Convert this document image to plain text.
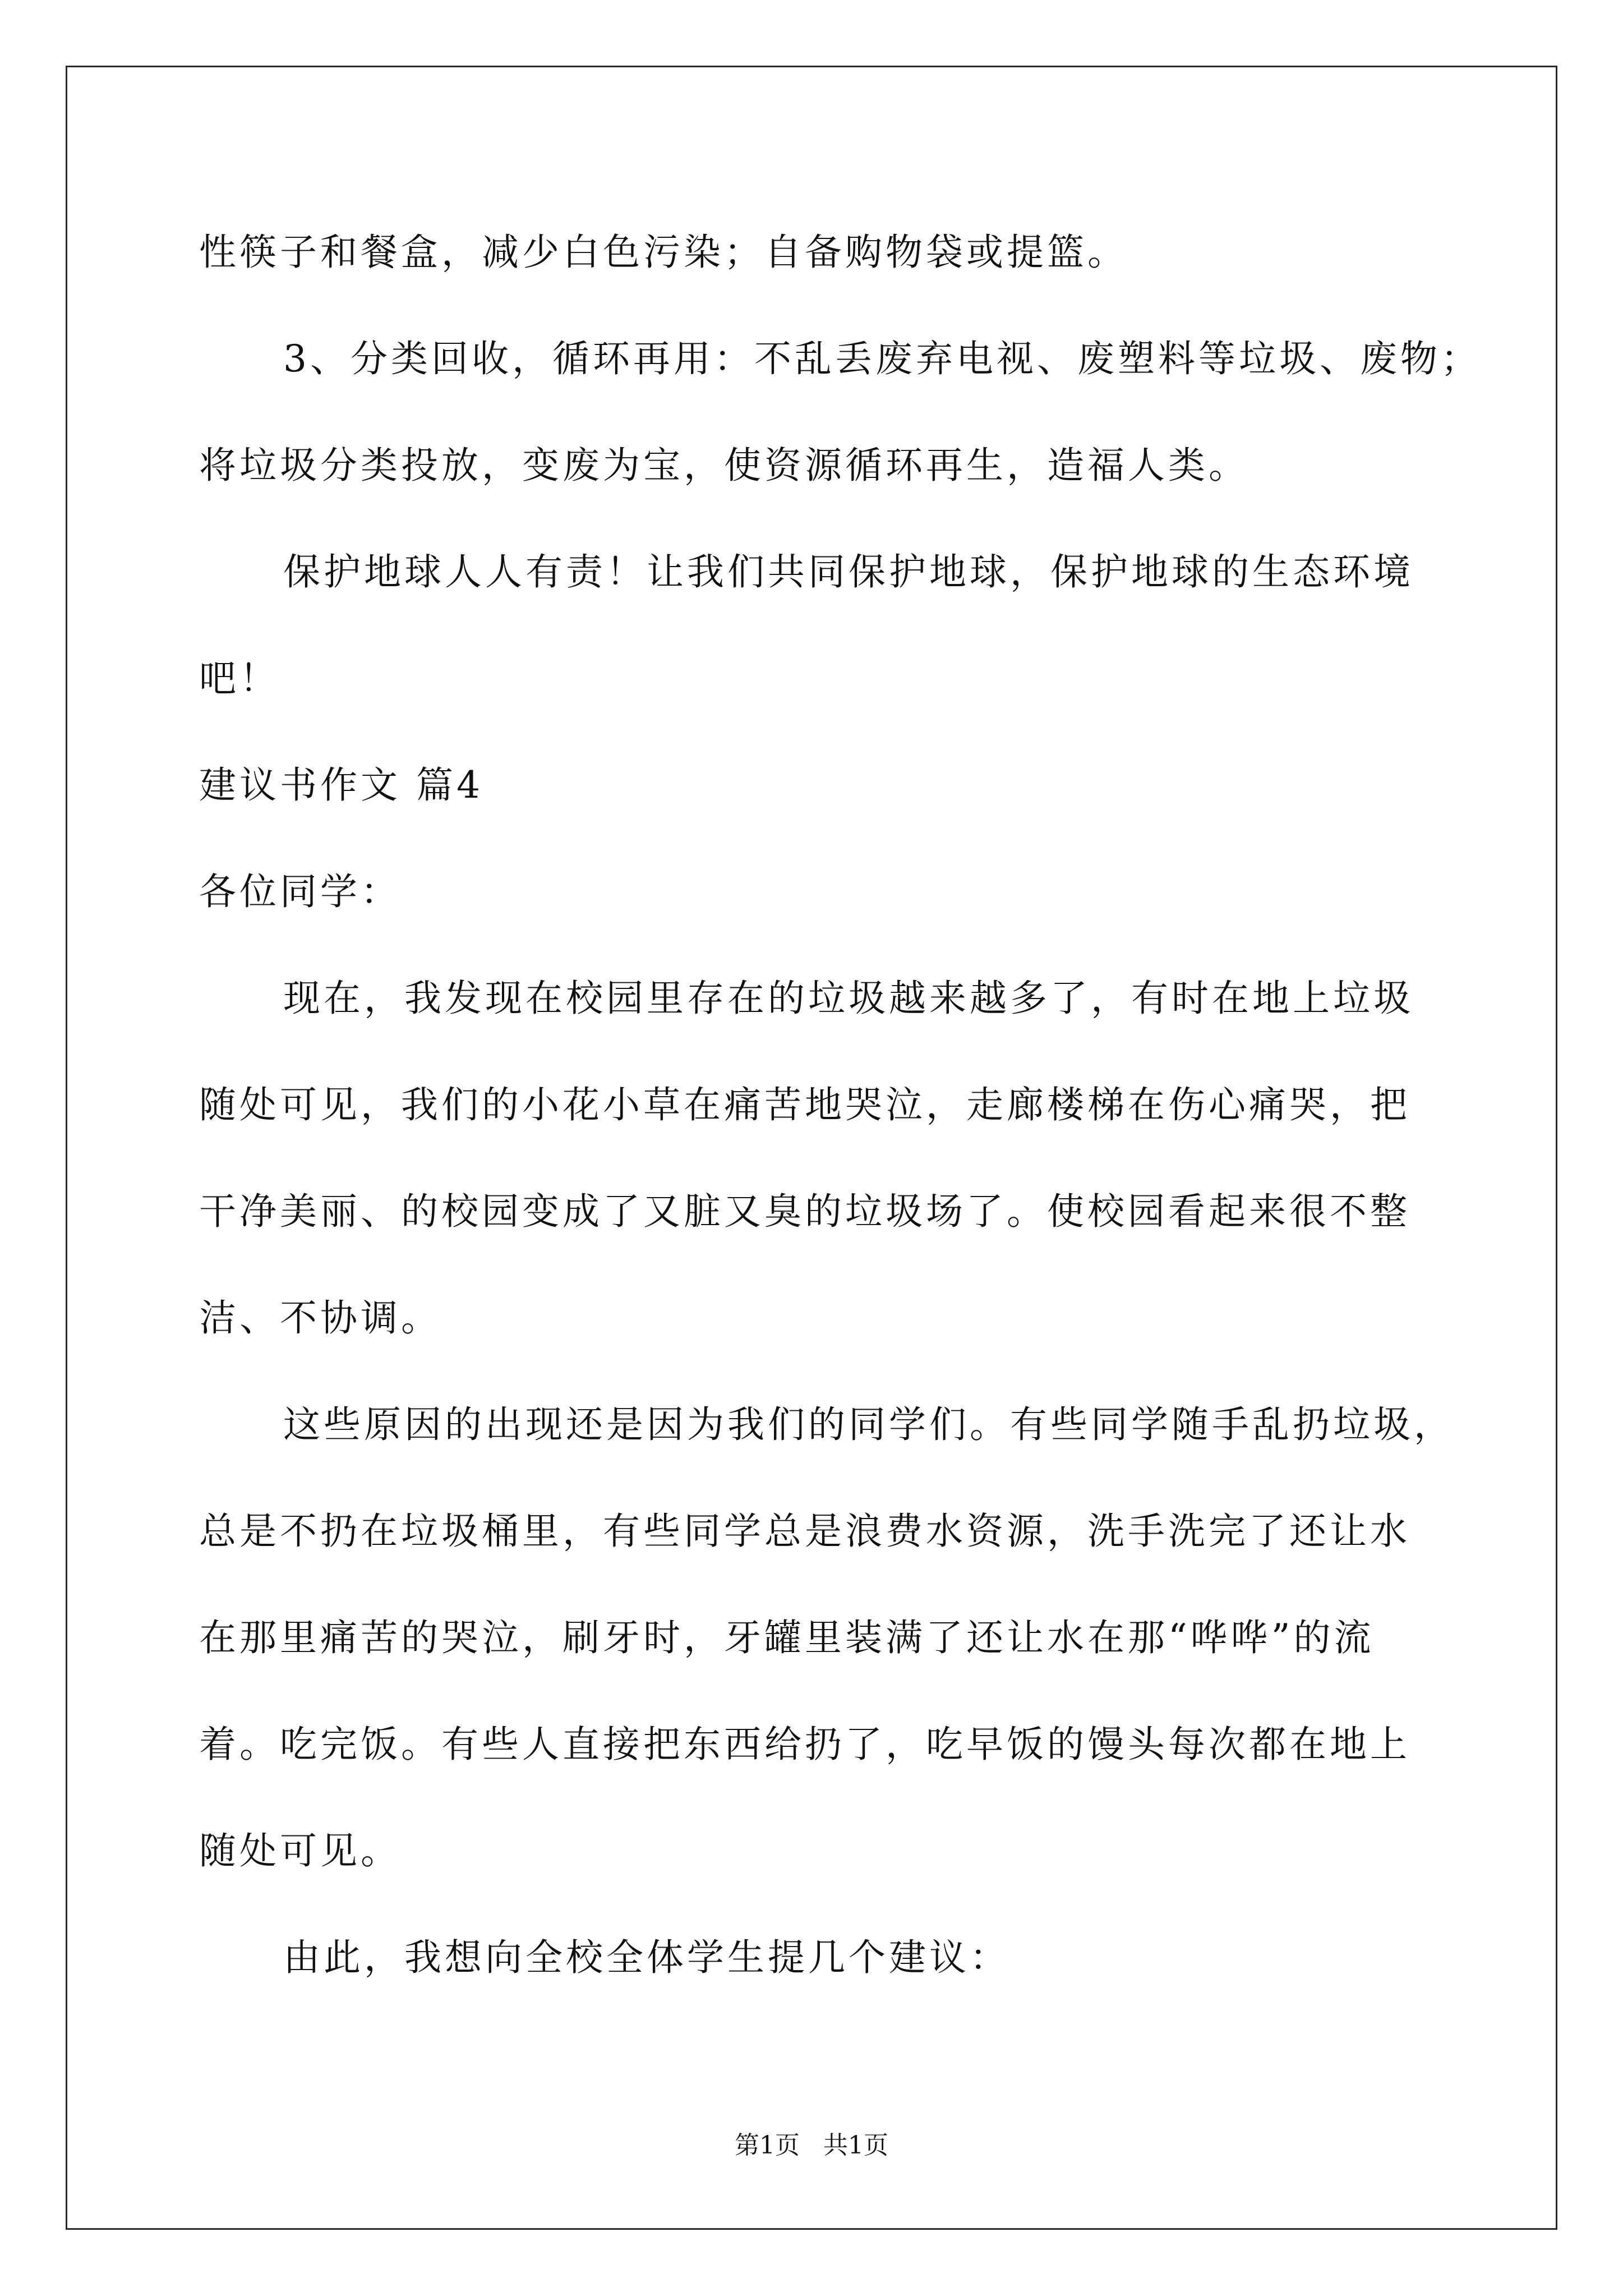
性筷子和餐盒，减少白色污染；自备购物袋或提篮。
3、分类回收，循环再用：不乱丢废弃电视、废塑料等垃圾、废物；
将垃圾分类投放，变废为宝，使资源循环再生，造福人类。
保护地球人人有责！让我们共同保护地球，保护地球的生态环境
吧！
建议书作文 篇4
各位同学：
现在，我发现在校园里存在的垃圾越来越多了，有时在地上垃圾
随处可见，我们的小花小草在痛苦地哭泣，走廊楼梯在伤心痛哭，把
干净美丽、的校园变成了又脏又臭的垃圾场了。使校园看起来很不整
洁、不协调。
这些原因的出现还是因为我们的同学们。有些同学随手乱扔垃圾，
总是不扔在垃圾桶里，有些同学总是浪费水资源，洗手洗完了还让水
在那里痛苦的哭泣，刷牙时，牙罐里装满了还让水在那“哗哗”的流
着。吃完饭。有些人直接把东西给扔了，吃早饭的馒头每次都在地上
随处可见。
由此，我想向全校全体学生提几个建议：
第1页   共1页
